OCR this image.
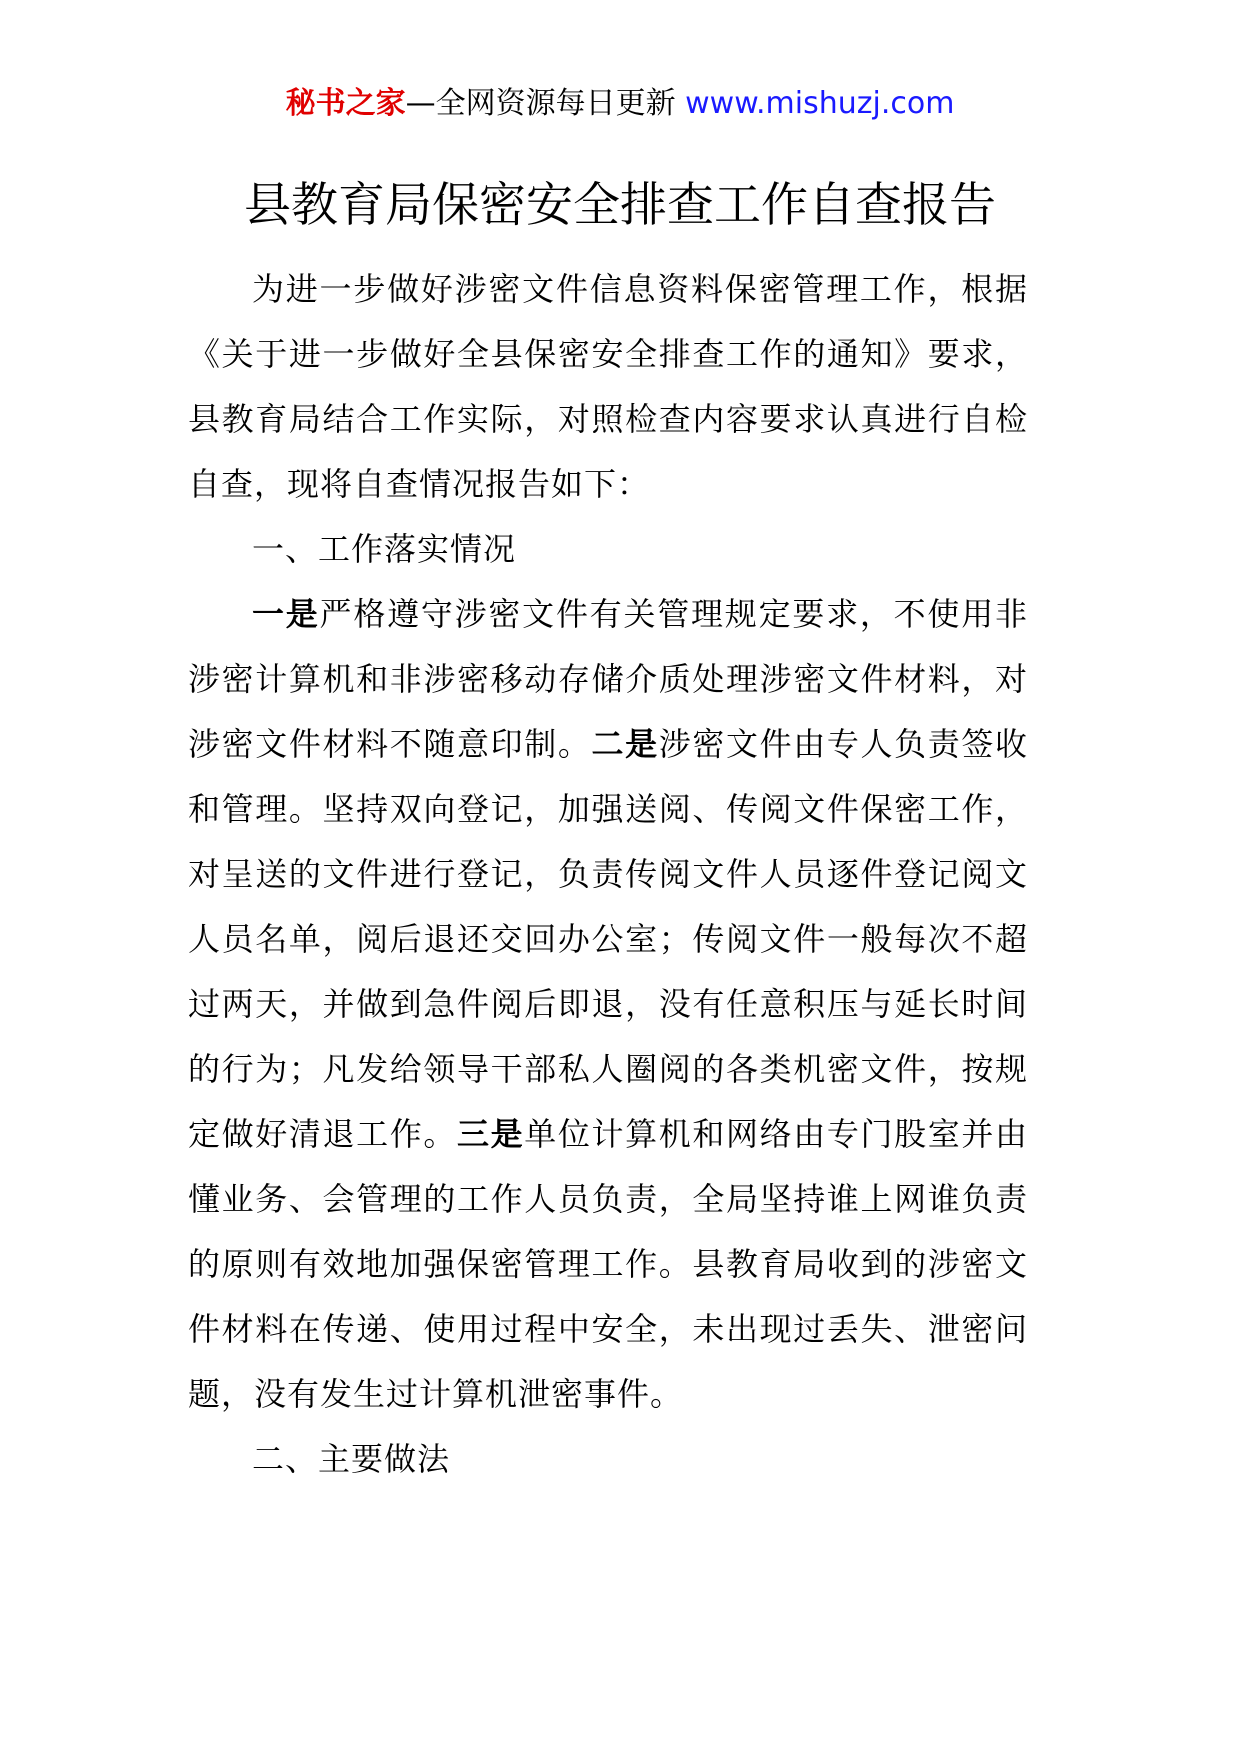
秘书之家—全网资源每日更新 www.mishuzj.com
县教育局保密安全排查工作自查报告

为进一步做好涉密文件信息资料保密管理工作，根据《关于进一步做好全县保密安全排查工作的通知》要求，县教育局结合工作实际，对照检查内容要求认真进行自检自查，现将自查情况报告如下：

一、工作落实情况

一是严格遵守涉密文件有关管理规定要求，不使用非涉密计算机和非涉密移动存储介质处理涉密文件材料，对涉密文件材料不随意印制。二是涉密文件由专人负责签收和管理。坚持双向登记，加强送阅、传阅文件保密工作，对呈送的文件进行登记，负责传阅文件人员逐件登记阅文人员名单，阅后退还交回办公室；传阅文件一般每次不超过两天，并做到急件阅后即退，没有任意积压与延长时间的行为；凡发给领导干部私人圈阅的各类机密文件，按规定做好清退工作。三是单位计算机和网络由专门股室并由懂业务、会管理的工作人员负责，全局坚持谁上网谁负责的原则有效地加强保密管理工作。县教育局收到的涉密文件材料在传递、使用过程中安全，未出现过丢失、泄密问题，没有发生过计算机泄密事件。

二、主要做法
